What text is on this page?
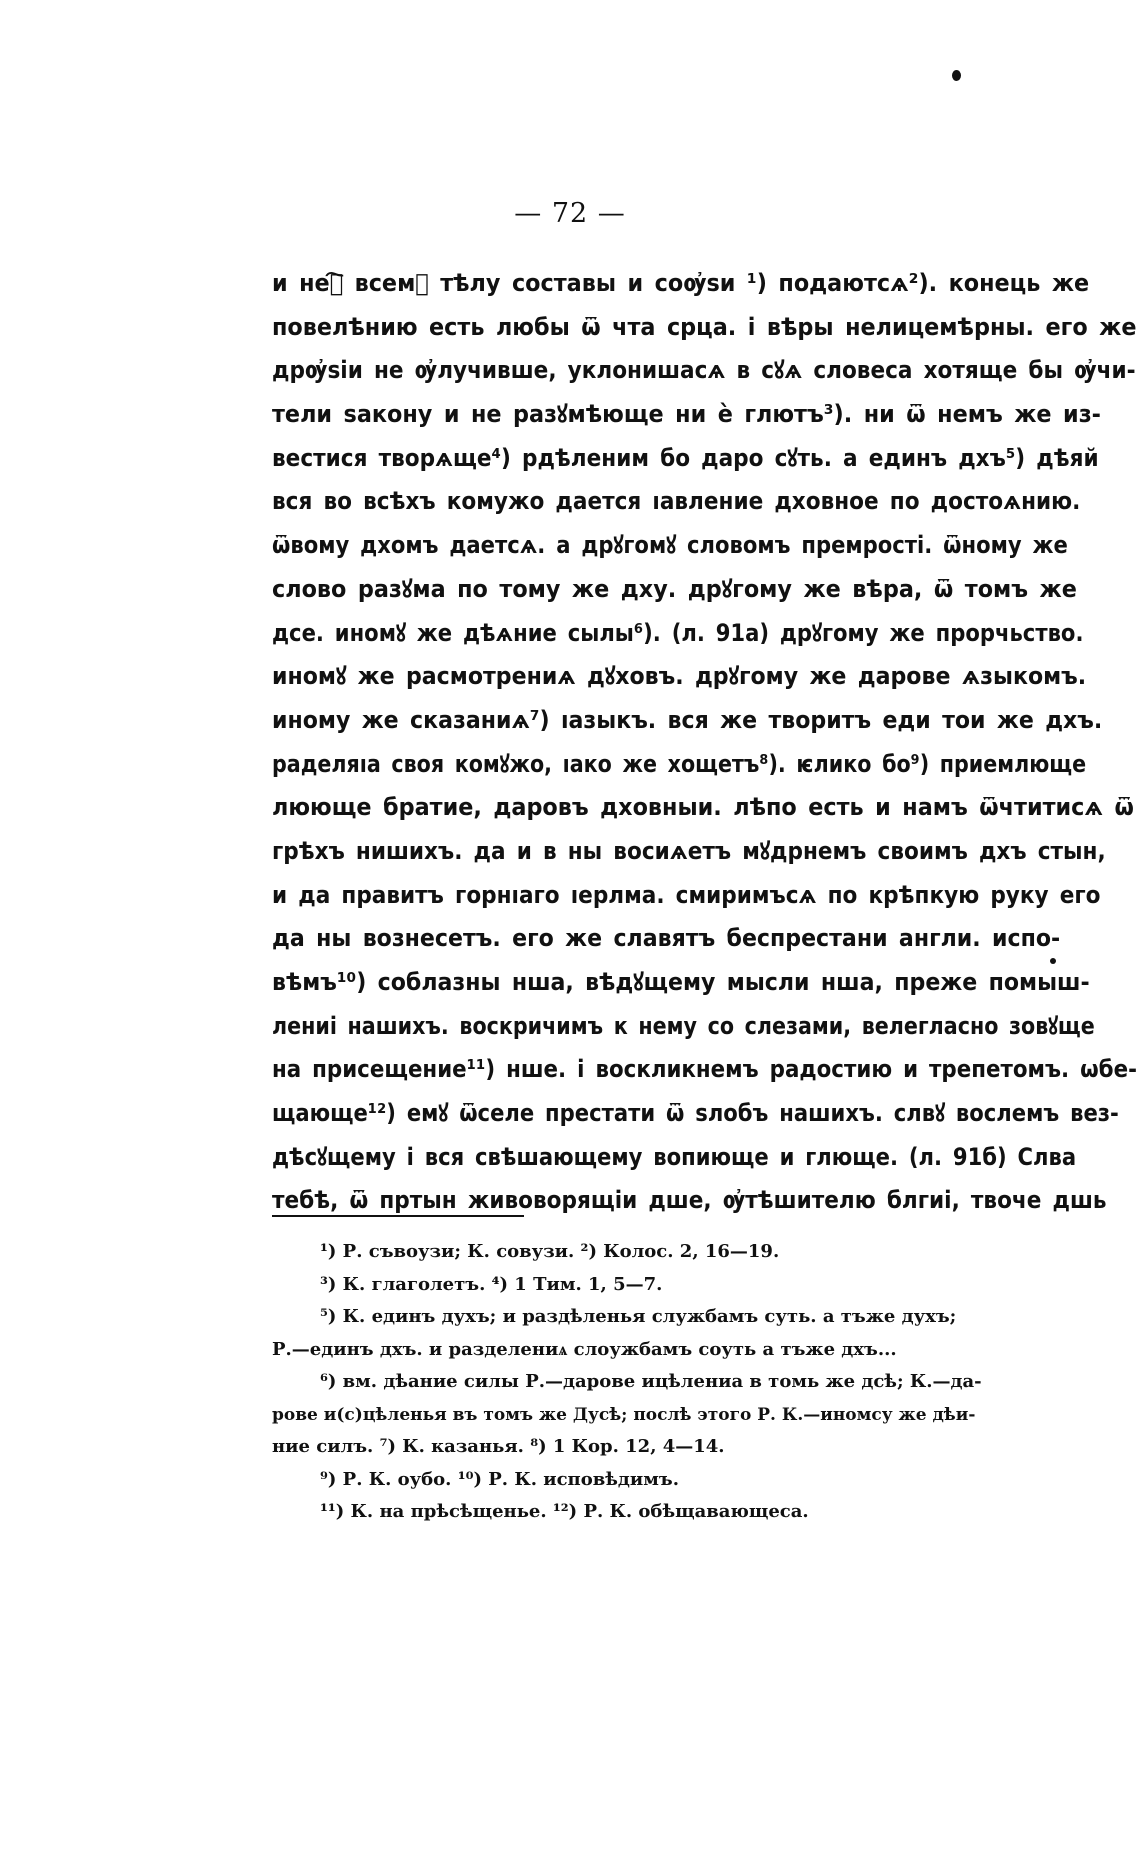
— 72 —
и неⷨ҇ всемꙋ тѣлу составы и соѹ҆ѕи ¹) подаютсѧ²). конець же
повелѣнию есть любы ѿ чта срца. і вѣры нелицемѣрны. его же
дрѹ҆ѕіи не ѹ҆лучивше, уклонишасѧ в сꙋѧ словеса хотяще бы ѹ҆чи-
тели ѕакону и не разꙋмѣюще ни ѐ глютъ³). ни ѿ немъ же из-
вестися творѧще⁴) рдѣленим бо даро сꙋть. а единъ дхъ⁵) дѣяй
вся во всѣхъ комужо дается ıавление дховное по достоѧнию.
ѿвому дхомъ даетсѧ. а дрꙋгомꙋ словомъ премрості. ѿному же
слово разꙋма по тому же дху. дрꙋгому же вѣра, ѿ томъ же
дсе. иномꙋ же дѣѧние сылы⁶). (л. 91а) дрꙋгому же прорчьство.
иномꙋ же расмотрениѧ дꙋховъ. дрꙋгому же дарове ѧзыкомъ.
иному же сказаниѧ⁷) ıазыкъ. вся же творитъ еди тои же дхъ.
раделяıа своя комꙋжо, ıако же хощетъ⁸). ѥлико бо⁹) приемлюще
лююще братие, даровъ дховныи. лѣпо есть и намъ ѿчтитисѧ ѿ
грѣхъ нишихъ. да и в ны восиѧетъ мꙋдрнемъ своимъ дхъ стын,
и да правитъ горнıаго ıерлма. смиримъсѧ по крѣпкую руку его
да ны вознесетъ. его же славятъ беспрестани англи. испо-
вѣмъ¹⁰) соблазны нша, вѣдꙋщему мысли нша, преже помыш-
лениі нашихъ. воскричимъ к нему со слезами, велегласно зовꙋще
на присещение¹¹) нше. і воскликнемъ радостию и трепетомъ. ѡбе-
щающе¹²) емꙋ ѿселе престати ѿ ѕлобъ нашихъ. слвꙋ вослемъ вез-
дѣсꙋщему і вся свѣшающему вопиюще и глюще. (л. 91б) Слва
тебѣ, ѿ пртын живоворящіи дше, ѹ҆тѣшителю блгиі, твоче дшь
¹) Р. съвоузи; К. совузи. ²) Колос. 2, 16—19.
³) К. глаголетъ. ⁴) 1 Тим. 1, 5—7.
⁵) К. единъ духъ; и раздѣленья службамъ суть. а тъже духъ;
Р.—единъ дхъ. и разделениѧ слоужбамъ соуть а тъже дхъ...
⁶) вм. дѣание силы Р.—дарове ицѣлениа в томь же дсѣ; К.—да-
рове и(с)цѣленья въ томъ же Дусѣ; послѣ этого Р. К.—иномсу же дѣи-
ние силъ. ⁷) К. казанья. ⁸) 1 Кор. 12, 4—14.
⁹) Р. К. оубо. ¹⁰) Р. К. исповѣдимъ.
¹¹) К. на прѣсѣщенье. ¹²) Р. К. обѣщавающеса.
